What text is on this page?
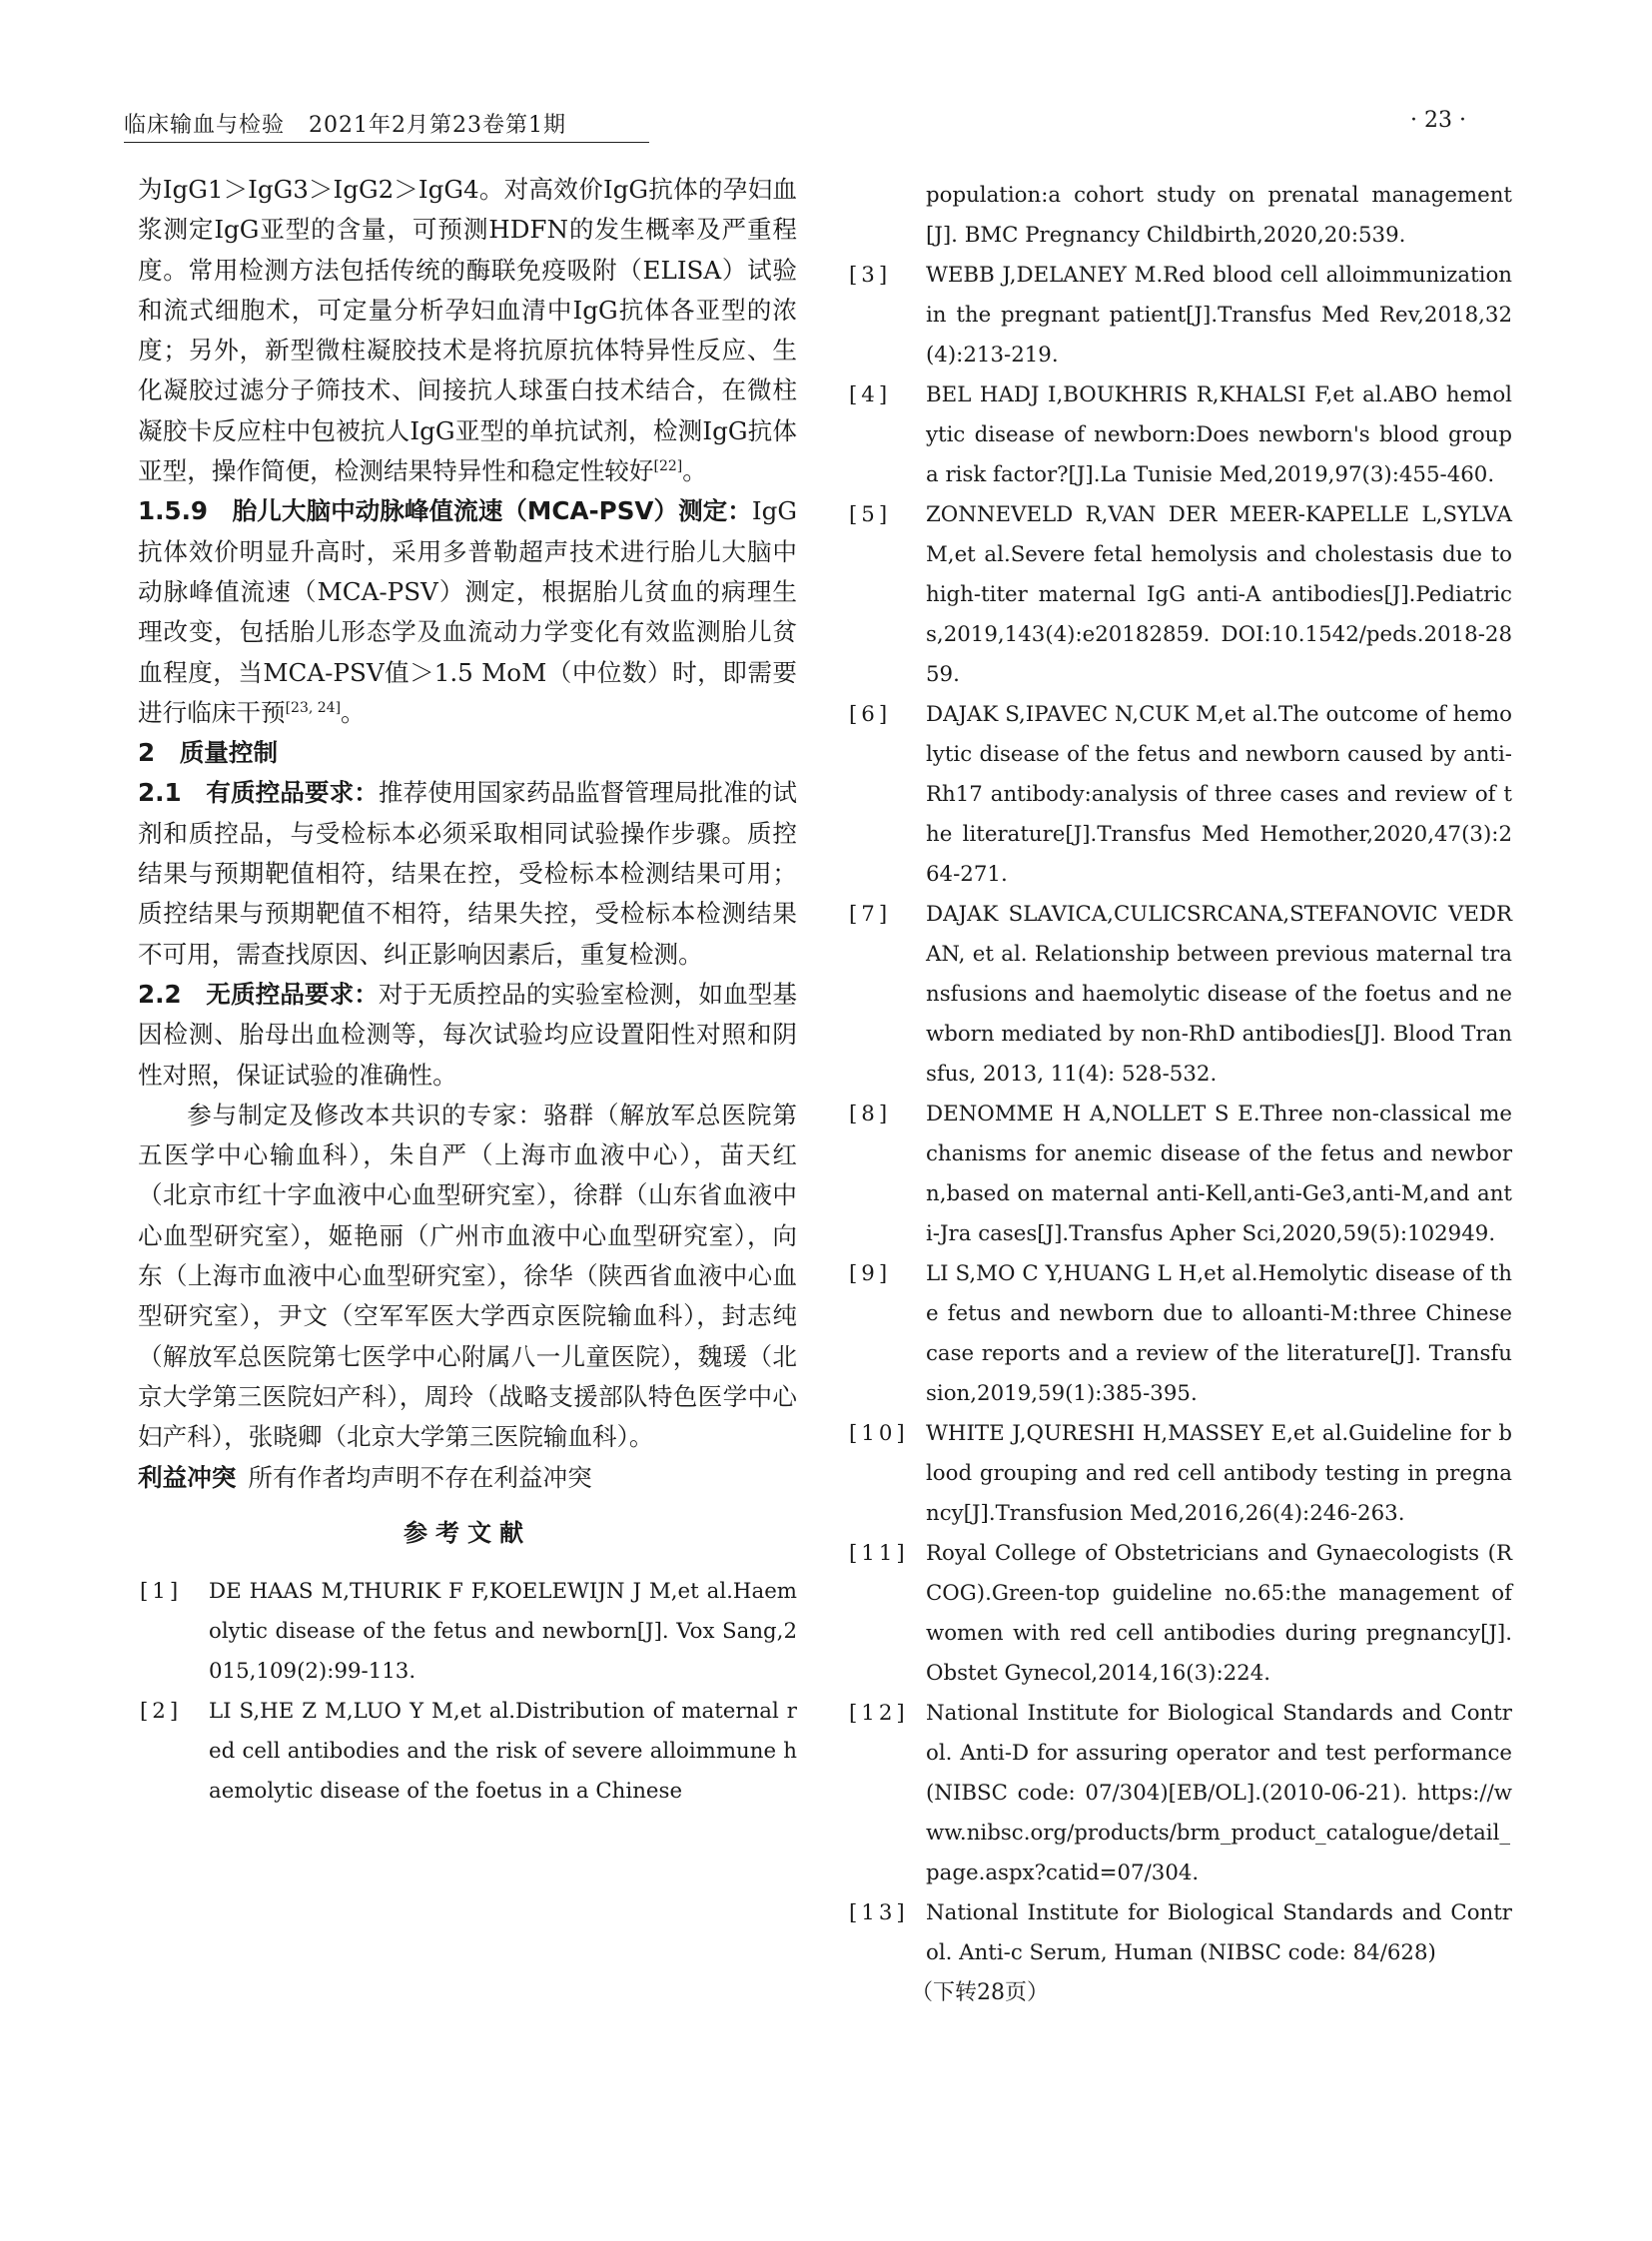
临床输血与检验 2021年2月第23卷第1期	· 23 ·

为IgG1＞IgG3＞IgG2＞IgG4。对高效价IgG抗体的孕妇血浆测定IgG亚型的含量，可预测HDFN的发生概率及严重程度。常用检测方法包括传统的酶联免疫吸附（ELISA）试验和流式细胞术，可定量分析孕妇血清中IgG抗体各亚型的浓度；另外，新型微柱凝胶技术是将抗原抗体特异性反应、生化凝胶过滤分子筛技术、间接抗人球蛋白技术结合，在微柱凝胶卡反应柱中包被抗人IgG亚型的单抗试剂，检测IgG抗体亚型，操作简便，检测结果特异性和稳定性较好[22]。

1.5.9　胎儿大脑中动脉峰值流速（MCA-PSV）测定：IgG抗体效价明显升高时，采用多普勒超声技术进行胎儿大脑中动脉峰值流速（MCA-PSV）测定，根据胎儿贫血的病理生理改变，包括胎儿形态学及血流动力学变化有效监测胎儿贫血程度，当MCA-PSV值＞1.5 MoM（中位数）时，即需要进行临床干预[23, 24]。

2　质量控制

2.1　有质控品要求：推荐使用国家药品监督管理局批准的试剂和质控品，与受检标本必须采取相同试验操作步骤。质控结果与预期靶值相符，结果在控，受检标本检测结果可用；质控结果与预期靶值不相符，结果失控，受检标本检测结果不可用，需查找原因、纠正影响因素后，重复检测。

2.2　无质控品要求：对于无质控品的实验室检测，如血型基因检测、胎母出血检测等，每次试验均应设置阳性对照和阴性对照，保证试验的准确性。

参与制定及修改本共识的专家：骆群（解放军总医院第五医学中心输血科），朱自严（上海市血液中心），苗天红（北京市红十字血液中心血型研究室），徐群（山东省血液中心血型研究室），姬艳丽（广州市血液中心血型研究室），向东（上海市血液中心血型研究室），徐华（陕西省血液中心血型研究室），尹文（空军军医大学西京医院输血科），封志纯（解放军总医院第七医学中心附属八一儿童医院），魏瑗（北京大学第三医院妇产科），周玲（战略支援部队特色医学中心妇产科），张晓卿（北京大学第三医院输血科）。

利益冲突 所有作者均声明不存在利益冲突

参考文献
[1] DE HAAS M,THURIK F F,KOELEWIJN J M,et al.Haemolytic disease of the fetus and newborn[J]. Vox Sang,2015,109(2):99-113.
[2] LI S,HE Z M,LUO Y M,et al.Distribution of maternal red cell antibodies and the risk of severe alloimmune haemolytic disease of the foetus in a Chinese
population:a cohort study on prenatal management[J]. BMC Pregnancy Childbirth,2020,20:539.
[3] WEBB J,DELANEY M.Red blood cell alloimmunization in the pregnant patient[J].Transfus Med Rev,2018,32(4):213-219.
[4] BEL HADJ I,BOUKHRIS R,KHALSI F,et al.ABO hemolytic disease of newborn:Does newborn's blood group a risk factor?[J].La Tunisie Med,2019,97(3):455-460.
[5] ZONNEVELD R,VAN DER MEER-KAPELLE L,SYLVA M,et al.Severe fetal hemolysis and cholestasis due to high-titer maternal IgG anti-A antibodies[J].Pediatrics,2019,143(4):e20182859. DOI:10.1542/peds.2018-2859.
[6] DAJAK S,IPAVEC N,CUK M,et al.The outcome of hemolytic disease of the fetus and newborn caused by anti-Rh17 antibody:analysis of three cases and review of the literature[J].Transfus Med Hemother,2020,47(3):264-271.
[7] DAJAK SLAVICA,CULICSRCANA,STEFANOVIC VEDRAN, et al. Relationship between previous maternal transfusions and haemolytic disease of the foetus and newborn mediated by non-RhD antibodies[J]. Blood Transfus, 2013, 11(4): 528-532.
[8] DENOMME H A,NOLLET S E.Three non-classical mechanisms for anemic disease of the fetus and newborn,based on maternal anti-Kell,anti-Ge3,anti-M,and anti-Jra cases[J].Transfus Apher Sci,2020,59(5):102949.
[9] LI S,MO C Y,HUANG L H,et al.Hemolytic disease of the fetus and newborn due to alloanti-M:three Chinese case reports and a review of the literature[J]. Transfusion,2019,59(1):385-395.
[10] WHITE J,QURESHI H,MASSEY E,et al.Guideline for blood grouping and red cell antibody testing in pregnancy[J].Transfusion Med,2016,26(4):246-263.
[11] Royal College of Obstetricians and Gynaecologists (RCOG).Green-top guideline no.65:the management of women with red cell antibodies during pregnancy[J]. Obstet Gynecol,2014,16(3):224.
[12] National Institute for Biological Standards and Control. Anti-D for assuring operator and test performance (NIBSC code: 07/304)[EB/OL].(2010-06-21). https://www.nibsc.org/products/brm_product_catalogue/detail_page.aspx?catid=07/304.
[13] National Institute for Biological Standards and Control. Anti-c Serum, Human (NIBSC code: 84/628)
（下转28页）
